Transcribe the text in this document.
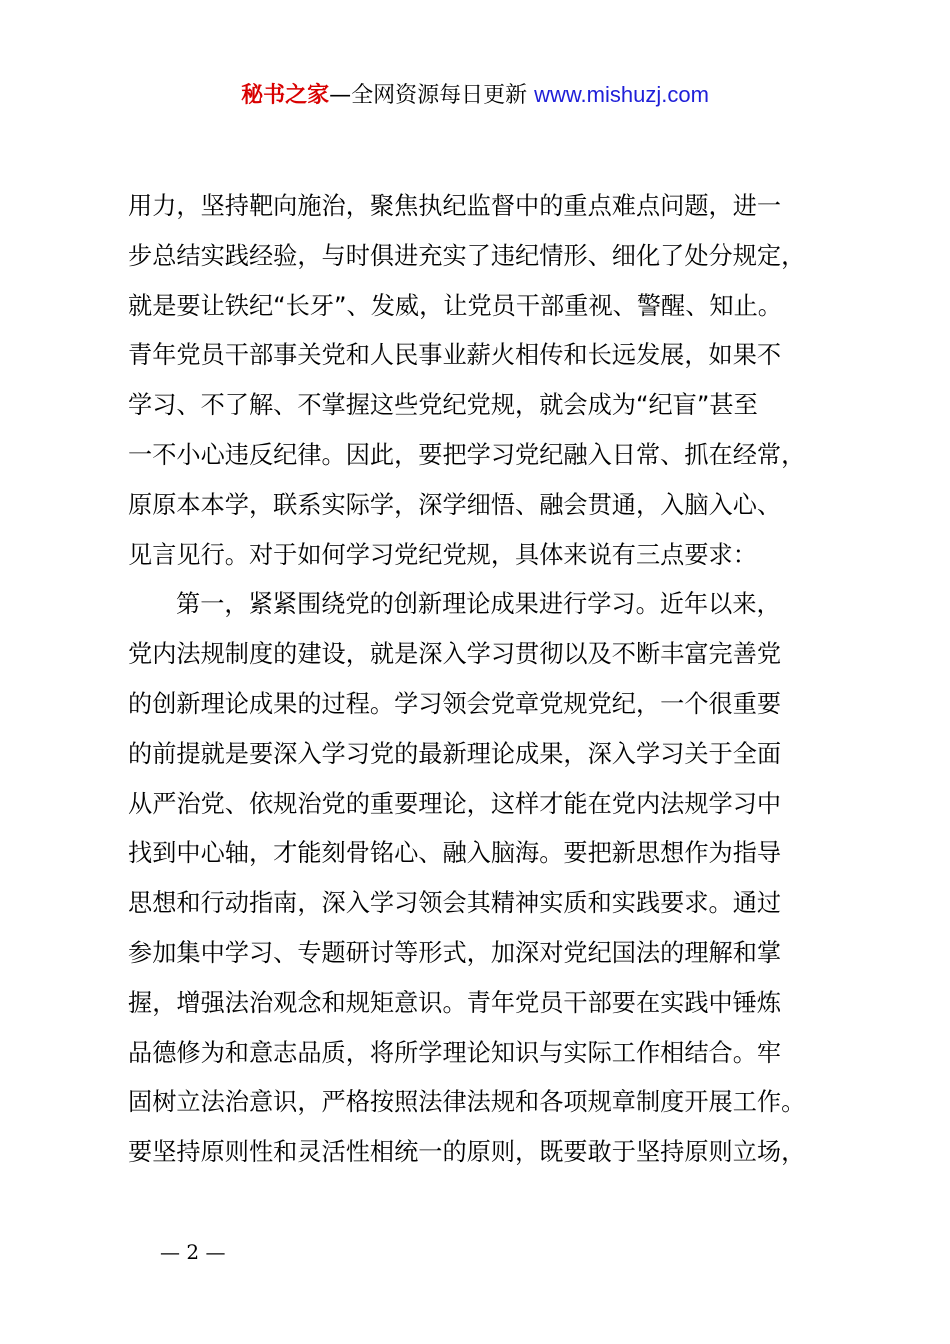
秘书之家—全网资源每日更新 www.mishuzj.com
用力，坚持靶向施治，聚焦执纪监督中的重点难点问题，进一
步总结实践经验，与时俱进充实了违纪情形、细化了处分规定，
就是要让铁纪“长牙”、发威，让党员干部重视、警醒、知止。
青年党员干部事关党和人民事业薪火相传和长远发展，如果不
学习、不了解、不掌握这些党纪党规，就会成为“纪盲”甚至
一不小心违反纪律。因此，要把学习党纪融入日常、抓在经常，
原原本本学，联系实际学，深学细悟、融会贯通，入脑入心、
见言见行。对于如何学习党纪党规，具体来说有三点要求：
第一，紧紧围绕党的创新理论成果进行学习。近年以来，
党内法规制度的建设，就是深入学习贯彻以及不断丰富完善党
的创新理论成果的过程。学习领会党章党规党纪，一个很重要
的前提就是要深入学习党的最新理论成果，深入学习关于全面
从严治党、依规治党的重要理论，这样才能在党内法规学习中
找到中心轴，才能刻骨铭心、融入脑海。要把新思想作为指导
思想和行动指南，深入学习领会其精神实质和实践要求。通过
参加集中学习、专题研讨等形式，加深对党纪国法的理解和掌
握，增强法治观念和规矩意识。青年党员干部要在实践中锤炼
品德修为和意志品质，将所学理论知识与实际工作相结合。牢
固树立法治意识，严格按照法律法规和各项规章制度开展工作。
要坚持原则性和灵活性相统一的原则，既要敢于坚持原则立场，
— 2 —
